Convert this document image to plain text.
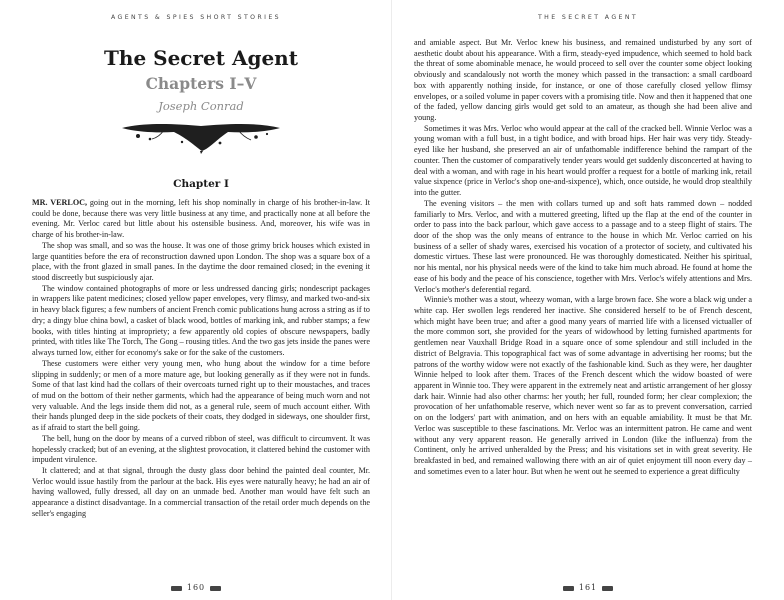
AGENTS & SPIES SHORT STORIES
The Secret Agent
Chapters I–V
Joseph Conrad
Chapter I

MR. VERLOC, going out in the morning, left his shop nominally in charge of his brother-in-law. It could be done, because there was very little business at any time, and practically none at all before the evening. Mr. Verloc cared but little about his ostensible business. And, moreover, his wife was in charge of his brother-in-law.

The shop was small, and so was the house. It was one of those grimy brick houses which existed in large quantities before the era of reconstruction dawned upon London. The shop was a square box of a place, with the front glazed in small panes. In the daytime the door remained closed; in the evening it stood discreetly but suspiciously ajar.

The window contained photographs of more or less undressed dancing girls; nondescript packages in wrappers like patent medicines; closed yellow paper envelopes, very flimsy, and marked two-and-six in heavy black figures; a few numbers of ancient French comic publications hung across a string as if to dry; a dingy blue china bowl, a casket of black wood, bottles of marking ink, and rubber stamps; a few books, with titles hinting at impropriety; a few apparently old copies of obscure newspapers, badly printed, with titles like The Torch, The Gong – rousing titles. And the two gas jets inside the panes were always turned low, either for economy's sake or for the sake of the customers.

These customers were either very young men, who hung about the window for a time before slipping in suddenly; or men of a more mature age, but looking generally as if they were not in funds. Some of that last kind had the collars of their overcoats turned right up to their moustaches, and traces of mud on the bottom of their nether garments, which had the appearance of being much worn and not very valuable. And the legs inside them did not, as a general rule, seem of much account either. With their hands plunged deep in the side pockets of their coats, they dodged in sideways, one shoulder first, as if afraid to start the bell going.

The bell, hung on the door by means of a curved ribbon of steel, was difficult to circumvent. It was hopelessly cracked; but of an evening, at the slightest provocation, it clattered behind the customer with impudent virulence.

It clattered; and at that signal, through the dusty glass door behind the painted deal counter, Mr. Verloc would issue hastily from the parlour at the back. His eyes were naturally heavy; he had an air of having wallowed, fully dressed, all day on an unmade bed. Another man would have felt such an appearance a distinct disadvantage. In a commercial transaction of the retail order much depends on the seller's engaging

160
THE SECRET AGENT

and amiable aspect. But Mr. Verloc knew his business, and remained undisturbed by any sort of aesthetic doubt about his appearance. With a firm, steady-eyed impudence, which seemed to hold back the threat of some abominable menace, he would proceed to sell over the counter some object looking obviously and scandalously not worth the money which passed in the transaction: a small cardboard box with apparently nothing inside, for instance, or one of those carefully closed yellow flimsy envelopes, or a soiled volume in paper covers with a promising title. Now and then it happened that one of the faded, yellow dancing girls would get sold to an amateur, as though she had been alive and young.

Sometimes it was Mrs. Verloc who would appear at the call of the cracked bell. Winnie Verloc was a young woman with a full bust, in a tight bodice, and with broad hips. Her hair was very tidy. Steady-eyed like her husband, she preserved an air of unfathomable indifference behind the rampart of the counter. Then the customer of comparatively tender years would get suddenly disconcerted at having to deal with a woman, and with rage in his heart would proffer a request for a bottle of marking ink, retail value sixpence (price in Verloc's shop one-and-sixpence), which, once outside, he would drop stealthily into the gutter.

The evening visitors – the men with collars turned up and soft hats rammed down – nodded familiarly to Mrs. Verloc, and with a muttered greeting, lifted up the flap at the end of the counter in order to pass into the back parlour, which gave access to a passage and to a steep flight of stairs. The door of the shop was the only means of entrance to the house in which Mr. Verloc carried on his business of a seller of shady wares, exercised his vocation of a protector of society, and cultivated his domestic virtues. These last were pronounced. He was thoroughly domesticated. Neither his spiritual, nor his mental, nor his physical needs were of the kind to take him much abroad. He found at home the ease of his body and the peace of his conscience, together with Mrs. Verloc's wifely attentions and Mrs. Verloc's mother's deferential regard.

Winnie's mother was a stout, wheezy woman, with a large brown face. She wore a black wig under a white cap. Her swollen legs rendered her inactive. She considered herself to be of French descent, which might have been true; and after a good many years of married life with a licensed victualler of the more common sort, she provided for the years of widowhood by letting furnished apartments for gentlemen near Vauxhall Bridge Road in a square once of some splendour and still included in the district of Belgravia. This topographical fact was of some advantage in advertising her rooms; but the patrons of the worthy widow were not exactly of the fashionable kind. Such as they were, her daughter Winnie helped to look after them. Traces of the French descent which the widow boasted of were apparent in Winnie too. They were apparent in the extremely neat and artistic arrangement of her glossy dark hair. Winnie had also other charms: her youth; her full, rounded form; her clear complexion; the provocation of her unfathomable reserve, which never went so far as to prevent conversation, carried on on the lodgers' part with animation, and on hers with an equable amiability. It must be that Mr. Verloc was susceptible to these fascinations. Mr. Verloc was an intermittent patron. He came and went without any very apparent reason. He generally arrived in London (like the influenza) from the Continent, only he arrived unheralded by the Press; and his visitations set in with great severity. He breakfasted in bed, and remained wallowing there with an air of quiet enjoyment till noon every day – and sometimes even to a later hour. But when he went out he seemed to experience a great difficulty

161
